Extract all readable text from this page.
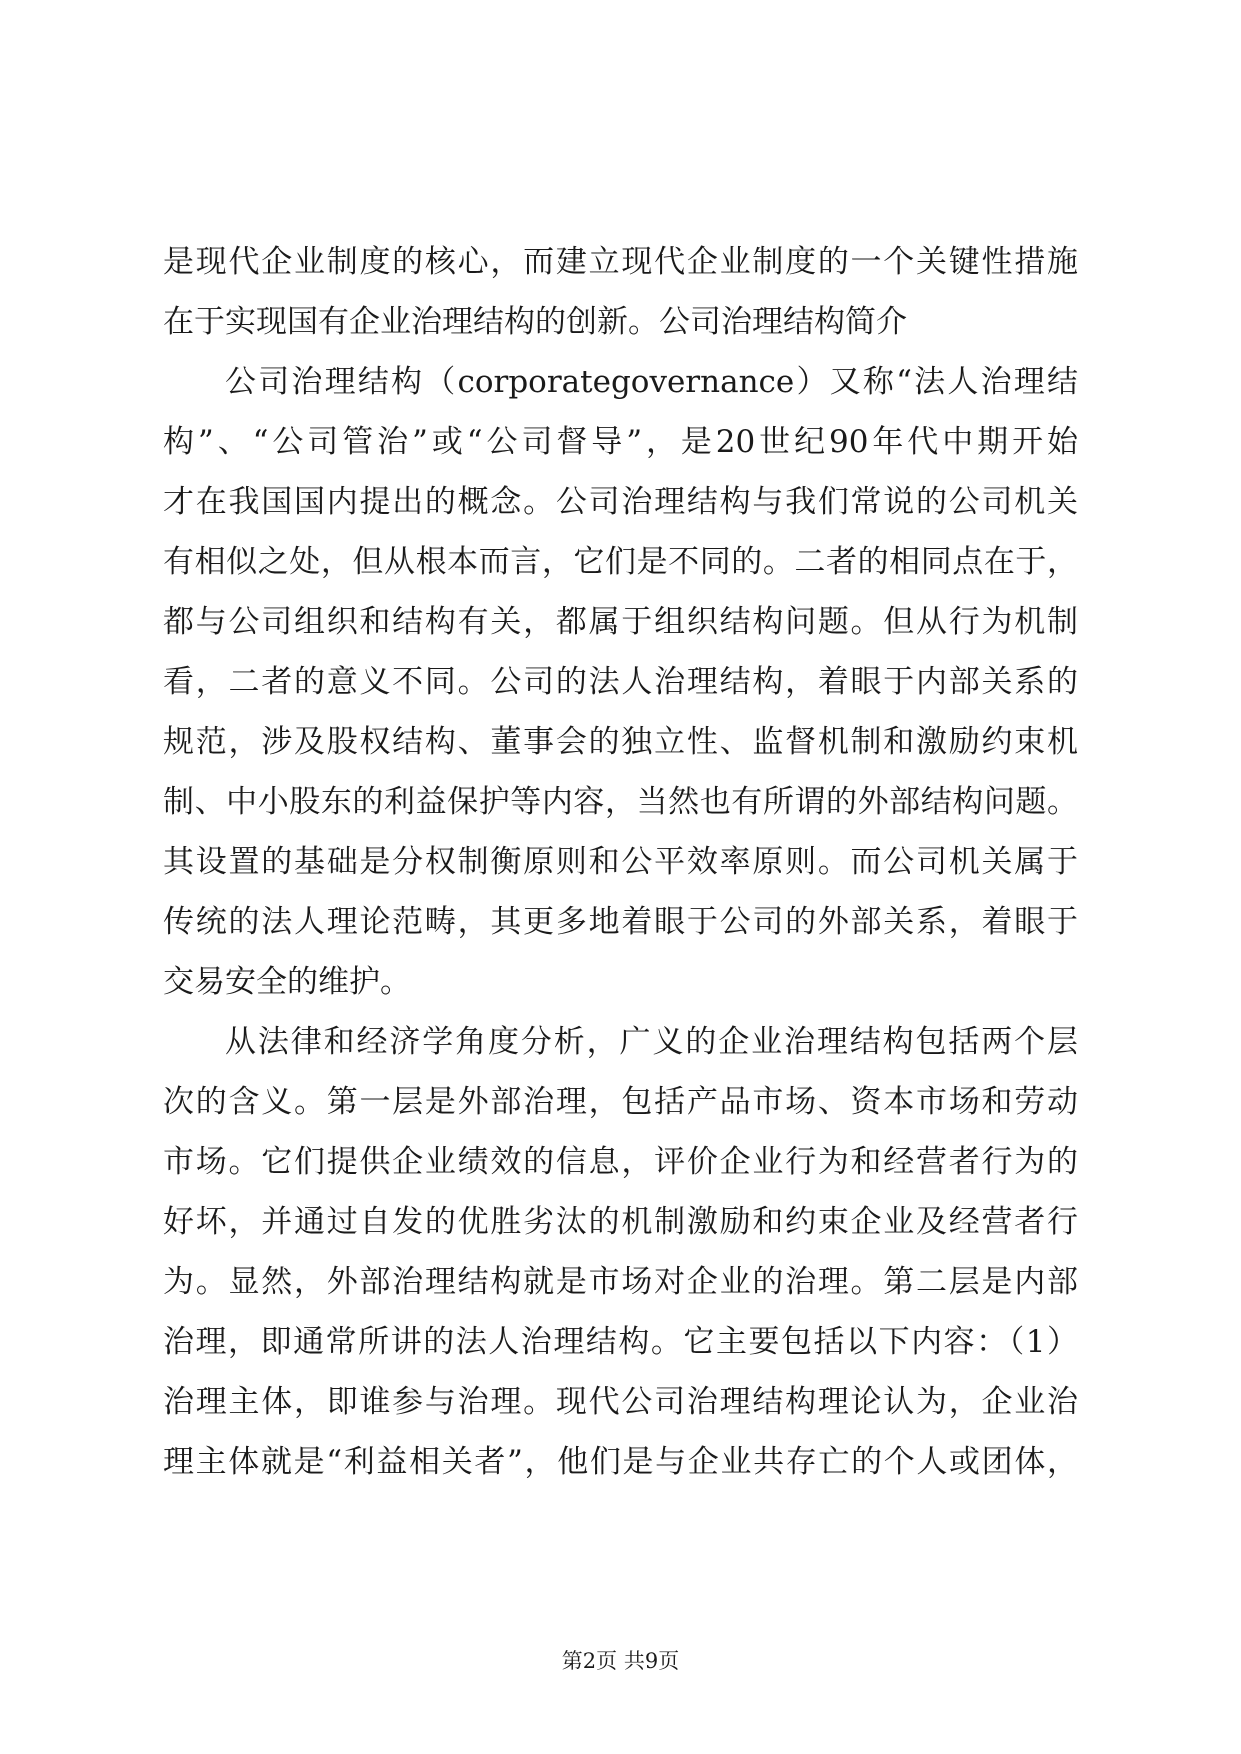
是现代企业制度的核心，而建立现代企业制度的一个关键性措施
在于实现国有企业治理结构的创新。公司治理结构简介
公司治理结构（corporategovernance）又称“法人治理结
构”、“公司管治”或“公司督导”，是20世纪90年代中期开始
才在我国国内提出的概念。公司治理结构与我们常说的公司机关
有相似之处，但从根本而言，它们是不同的。二者的相同点在于，
都与公司组织和结构有关，都属于组织结构问题。但从行为机制
看，二者的意义不同。公司的法人治理结构，着眼于内部关系的
规范，涉及股权结构、董事会的独立性、监督机制和激励约束机
制、中小股东的利益保护等内容，当然也有所谓的外部结构问题。
其设置的基础是分权制衡原则和公平效率原则。而公司机关属于
传统的法人理论范畴，其更多地着眼于公司的外部关系，着眼于
交易安全的维护。
从法律和经济学角度分析，广义的企业治理结构包括两个层
次的含义。第一层是外部治理，包括产品市场、资本市场和劳动
市场。它们提供企业绩效的信息，评价企业行为和经营者行为的
好坏，并通过自发的优胜劣汰的机制激励和约束企业及经营者行
为。显然，外部治理结构就是市场对企业的治理。第二层是内部
治理，即通常所讲的法人治理结构。它主要包括以下内容：（1）
治理主体，即谁参与治理。现代公司治理结构理论认为，企业治
理主体就是“利益相关者”，他们是与企业共存亡的个人或团体，
第2页 共9页
